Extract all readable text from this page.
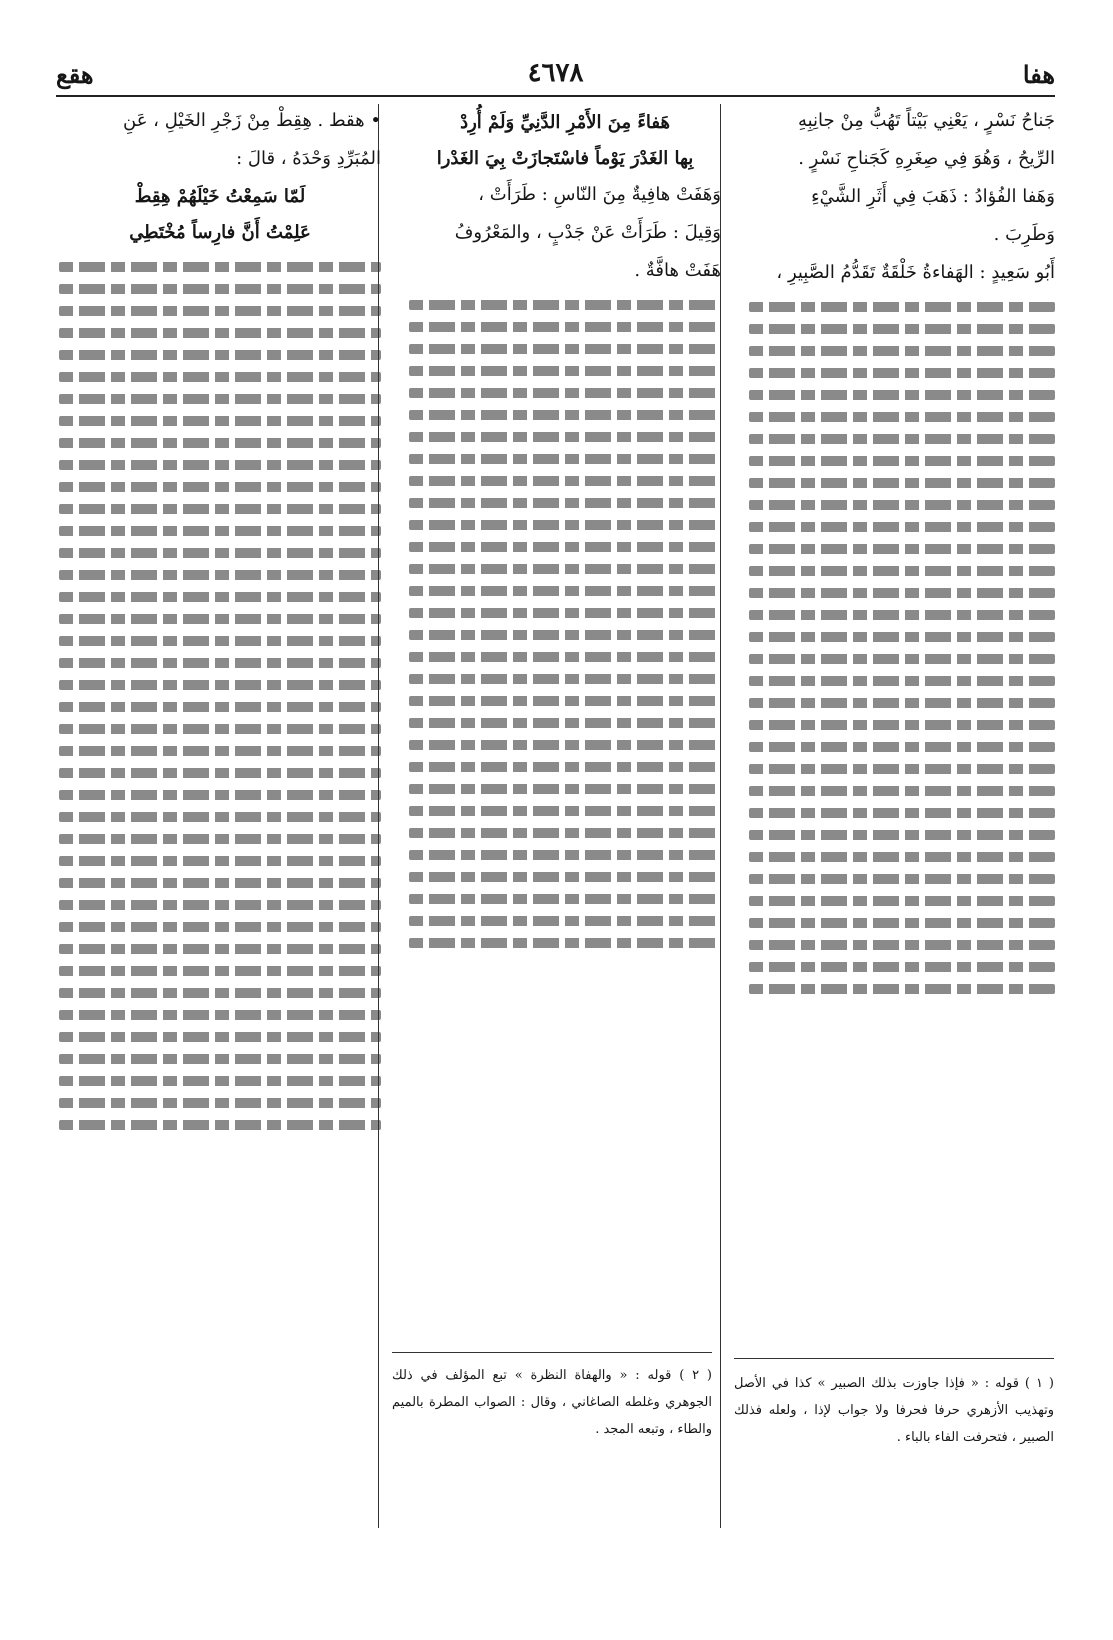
هفا
٤٦٧٨
هقع
جَناحُ نَسْرٍ ، يَعْنِي بَيْتاً تَهُبُّ مِنْ جانِبِهِ
الرِّيحُ ، وَهُوَ فِي صِغَرِهِ كَجَناحِ نَسْرٍ .
وَهَفا الفُؤادُ : ذَهَبَ فِي أَثَرِ الشَّيْءِ
وَطَرِبَ .
أَبُو سَعِيدٍ : الهَفاءةُ خَلْقَةٌ تَقَدُّمُ الصَّبِيرِ ،
هَفاءً مِنَ الأَمْرِ الدَّنِيِّ وَلَمْ أُرِدْ
بِها الغَدْرَ يَوْماً فاسْتَجازَتْ بِيَ الغَدْرا
وَهَفَتْ هافِيةٌ مِنَ النّاسِ : طَرَأَتْ ،
وَقِيلَ : طَرَأَتْ عَنْ جَدْبٍ ، والمَعْرُوفُ
هَفَتْ هافَّةٌ .
• هقط . هِقِطْ مِنْ زَجْرِ الخَيْلِ ، عَنِ
المُبَرِّدِ وَحْدَهُ ، قالَ :
لَمّا سَمِعْتُ خَيْلَهُمْ هِقِطْ
عَلِمْتُ أَنَّ فارِساً مُخْتَطِي
( ١ ) قوله : « فإذا جاوزت بذلك الصبير » كذا في الأصل وتهذيب الأزهري حرفا فحرفا ولا جواب لإذا ، ولعله فذلك الصبير ، فتحرفت الفاء بالباء .
( ٢ ) قوله : « والهفاة النظرة » تبع المؤلف في ذلك الجوهري وغلطه الصاغاني ، وقال : الصواب المطرة بالميم والطاء ، وتبعه المجد .
